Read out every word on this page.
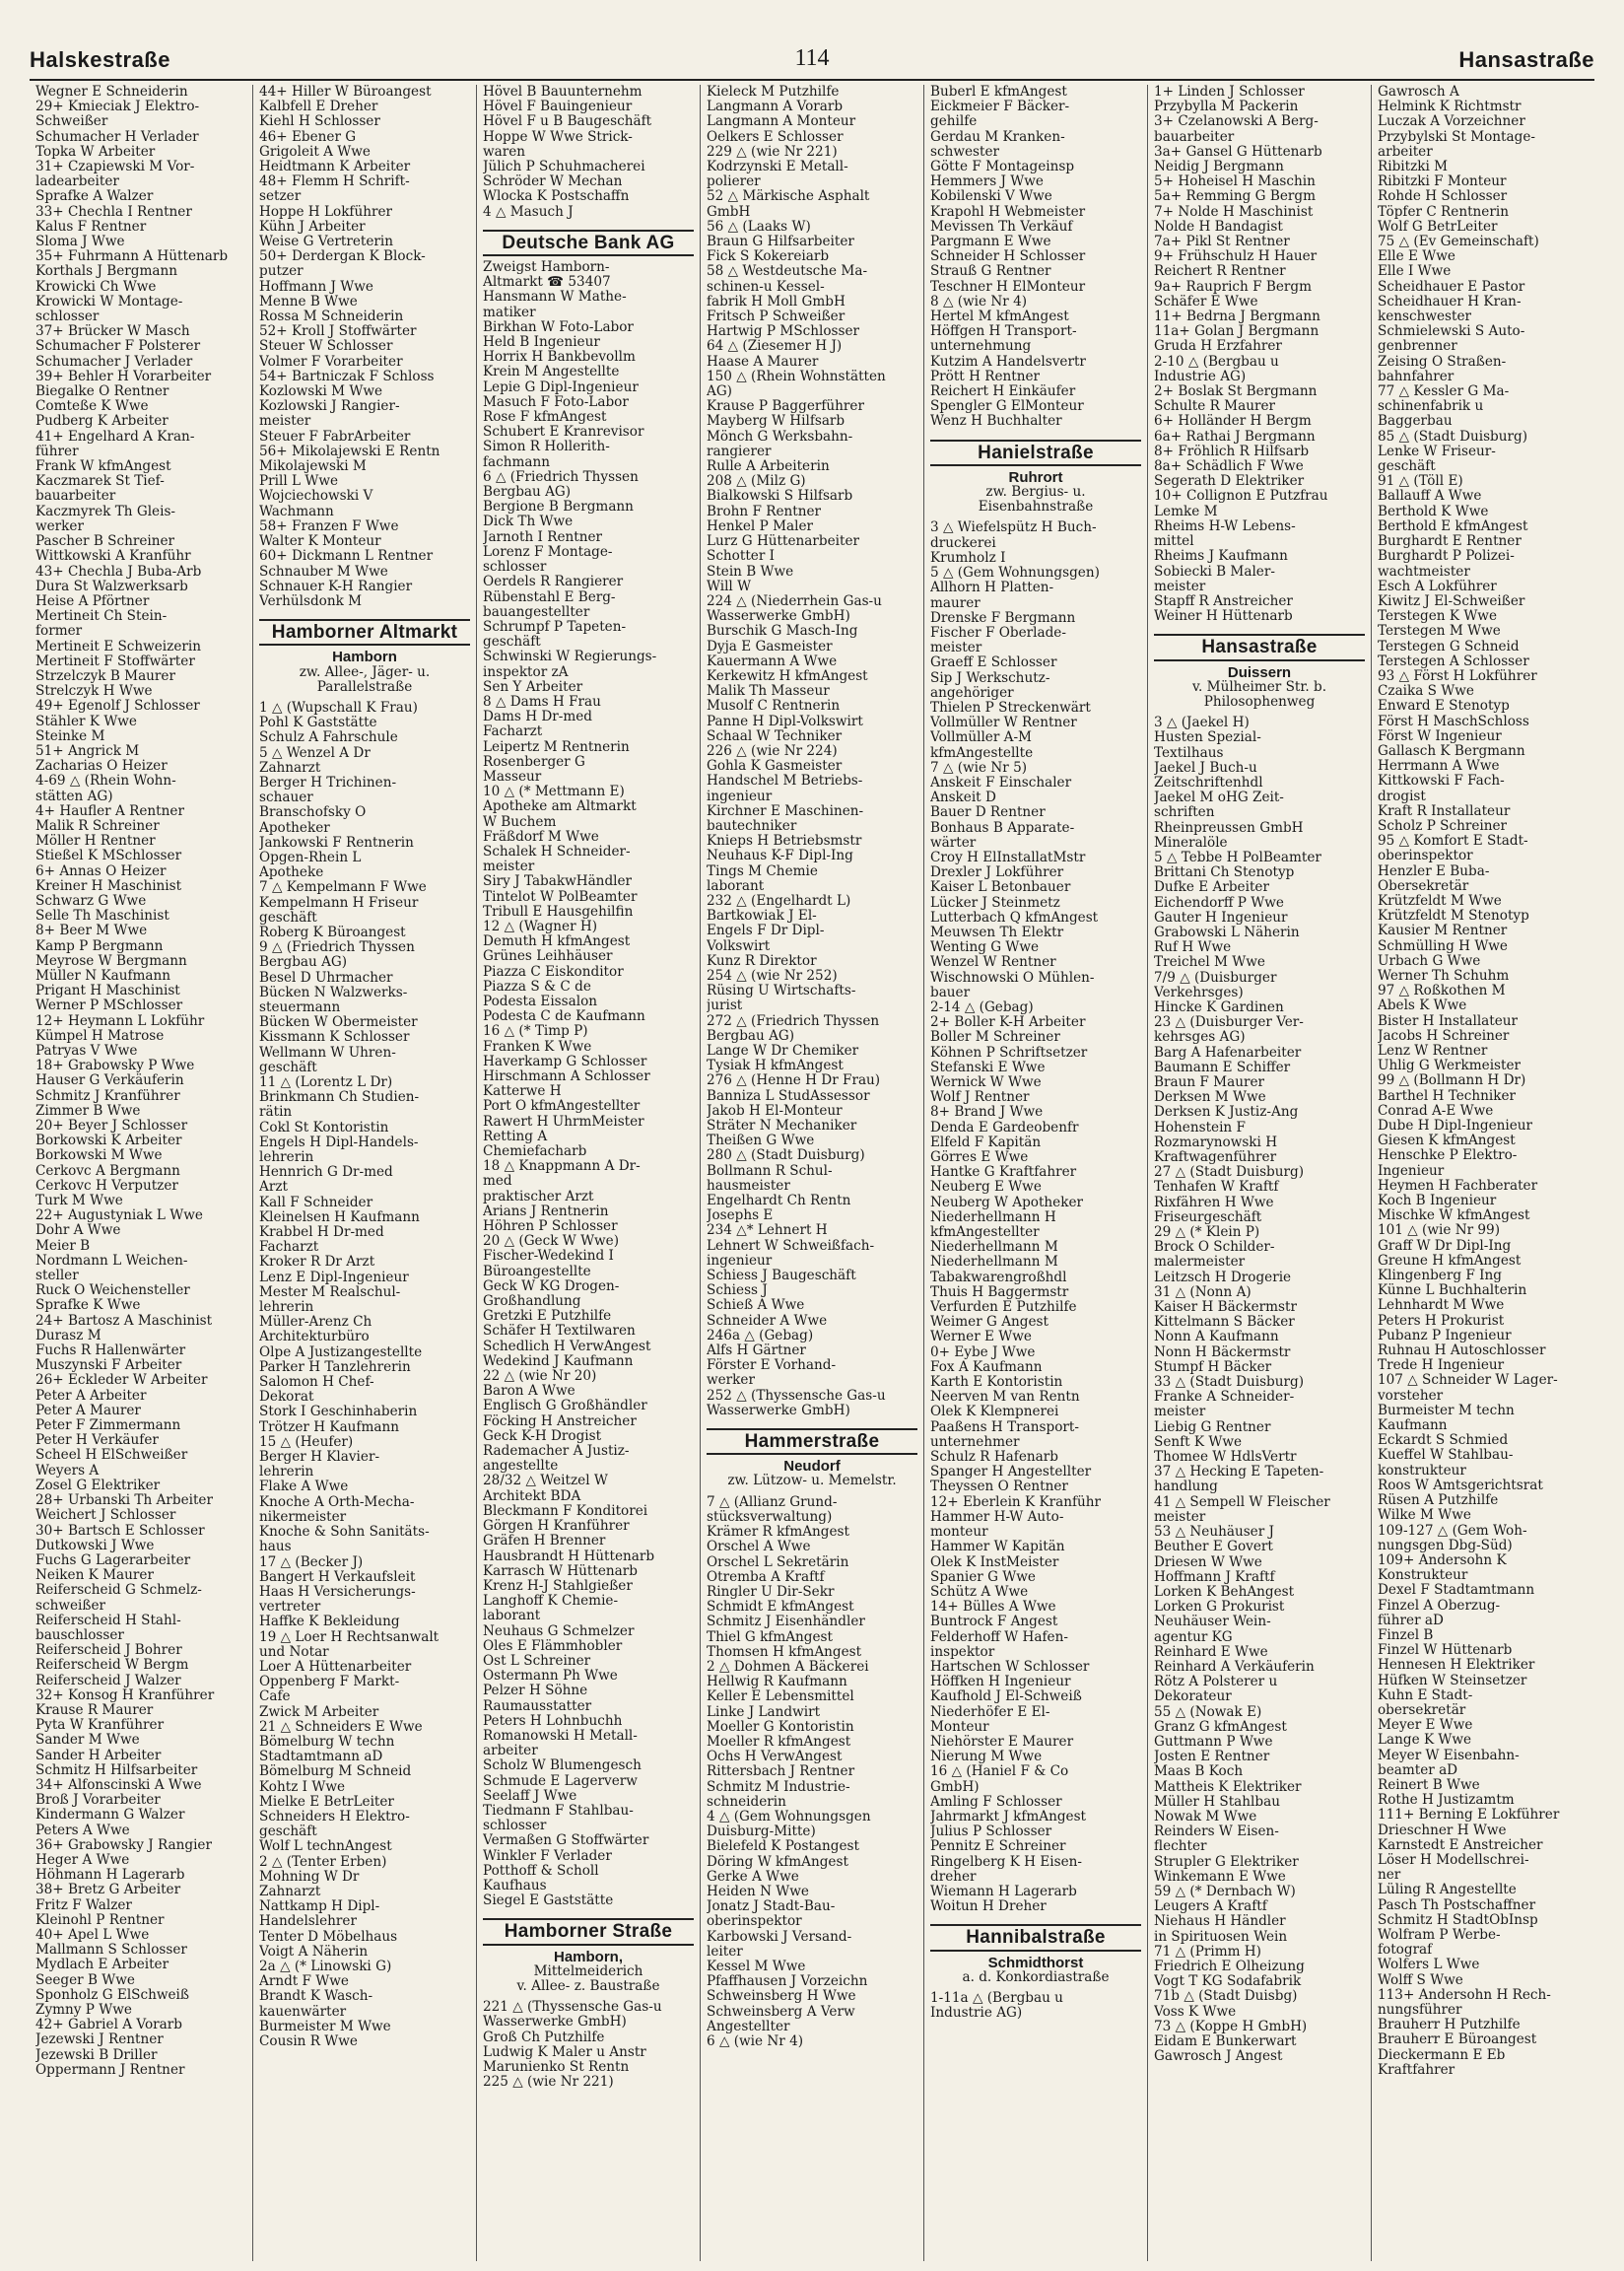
Halskestraße	114	Hansastraße
Wegner E Schneiderin
29+ Kmieciak J Elektro-
Schweißer
Schumacher H Verlader
Topka W Arbeiter
31+ Czapiewski M Vor-
ladearbeiter
Sprafke A Walzer
33+ Chechla I Rentner
Kalus F Rentner
Sloma J Wwe
35+ Fuhrmann A Hüttenarb
Korthals J Bergmann
Krowicki Ch Wwe
Krowicki W Montage-
schlosser
37+ Brücker W Masch
Schumacher F Polsterer
Schumacher J Verlader
39+ Behler H Vorarbeiter
Biegalke O Rentner
Comteße K Wwe
Pudberg K Arbeiter
41+ Engelhard A Kran-
führer
Frank W kfmAngest
Kaczmarek St Tief-
bauarbeiter
Kaczmyrek Th Gleis-
werker
Pascher B Schreiner
Wittkowski A Kranführ
43+ Chechla J Buba-Arb
Dura St Walzwerksarb
Heise A Pförtner
Mertineit Ch Stein-
former
Mertineit E Schweizerin
Mertineit F Stoffwärter
Strzelczyk B Maurer
Strelczyk H Wwe
49+ Egenolf J Schlosser
Stähler K Wwe
Steinke M
51+ Angrick M
Zacharias O Heizer
4-69 △ (Rhein Wohn-
stätten AG)
4+ Haufler A Rentner
Malik R Schreiner
Möller H Rentner
Stießel K MSchlosser
6+ Annas O Heizer
Kreiner H Maschinist
Schwarz G Wwe
Selle Th Maschinist
8+ Beer M Wwe
Kamp P Bergmann
Meyrose W Bergmann
Müller N Kaufmann
Prigant H Maschinist
Werner P MSchlosser
12+ Heymann L Lokführ
Kümpel H Matrose
Patryas V Wwe
18+ Grabowsky P Wwe
Hauser G Verkäuferin
Schmitz J Kranführer
Zimmer B Wwe
20+ Beyer J Schlosser
Borkowski K Arbeiter
Borkowski M Wwe
Cerkovc A Bergmann
Cerkovc H Verputzer
Turk M Wwe
22+ Augustyniak L Wwe
Dohr A Wwe
Meier B
Nordmann L Weichen-
steller
Ruck O Weichensteller
Sprafke K Wwe
24+ Bartosz A Maschinist
Durasz M
Fuchs R Hallenwärter
Muszynski F Arbeiter
26+ Eckleder W Arbeiter
Peter A Arbeiter
Peter A Maurer
Peter F Zimmermann
Peter H Verkäufer
Scheel H ElSchweißer
Weyers A
Zosel G Elektriker
28+ Urbanski Th Arbeiter
Weichert J Schlosser
30+ Bartsch E Schlosser
Dutkowski J Wwe
Fuchs G Lagerarbeiter
Neiken K Maurer
Reiferscheid G Schmelz-
schweißer
Reiferscheid H Stahl-
bauschlosser
Reiferscheid J Bohrer
Reiferscheid W Bergm
Reiferscheid J Walzer
32+ Konsog H Kranführer
Krause R Maurer
Pyta W Kranführer
Sander M Wwe
Sander H Arbeiter
Schmitz H Hilfsarbeiter
34+ Alfonscinski A Wwe
Broß J Vorarbeiter
Kindermann G Walzer
Peters A Wwe
36+ Grabowsky J Rangier
Heger A Wwe
Höhmann H Lagerarb
38+ Bretz G Arbeiter
Fritz F Walzer
Kleinohl P Rentner
40+ Apel L Wwe
Mallmann S Schlosser
Mydlach E Arbeiter
Seeger B Wwe
Sponholz G ElSchweiß
Zymny P Wwe
42+ Gabriel A Vorarb
Jezewski J Rentner
Jezewski B Driller
Oppermann J Rentner
44+ Hiller W Büroangest
Kalbfell E Dreher
Kiehl H Schlosser
46+ Ebener G
Grigoleit A Wwe
Heidtmann K Arbeiter
48+ Flemm H Schrift-
setzer
Hoppe H Lokführer
Kühn J Arbeiter
Weise G Vertreterin
50+ Derdergan K Block-
putzer
Hoffmann J Wwe
Menne B Wwe
Rossa M Schneiderin
52+ Kroll J Stoffwärter
Steuer W Schlosser
Volmer F Vorarbeiter
54+ Bartniczak F Schloss
Kozlowski M Wwe
Kozlowski J Rangier-
meister
Steuer F FabrArbeiter
56+ Mikolajewski E Rentn
Mikolajewski M
Prill L Wwe
Wojciechowski V
Wachmann
58+ Franzen F Wwe
Walter K Monteur
60+ Dickmann L Rentner
Schnauber M Wwe
Schnauer K-H Rangier
Verhülsdonk M
Hamborner Altmarkt
Hamborn
zw. Allee-, Jäger- u.
Parallelstraße
1 △ (Wupschall K Frau)
Pohl K Gaststätte
Schulz A Fahrschule
5 △ Wenzel A Dr
Zahnarzt
Berger H Trichinen-
schauer
Branschofsky O
Apotheker
Jankowski F Rentnerin
Opgen-Rhein L
Apotheke
7 △ Kempelmann F Wwe
Kempelmann H Friseur
geschäft
Roberg K Büroangest
9 △ (Friedrich Thyssen
Bergbau AG)
Besel D Uhrmacher
Bücken N Walzwerks-
steuermann
Bücken W Obermeister
Kissmann K Schlosser
Wellmann W Uhren-
geschäft
11 △ (Lorentz L Dr)
Brinkmann Ch Studien-
rätin
Cokl St Kontoristin
Engels H Dipl-Handels-
lehrerin
Hennrich G Dr-med
Arzt
Kall F Schneider
Kleinelsen H Kaufmann
Krabbel H Dr-med
Facharzt
Kroker R Dr Arzt
Lenz E Dipl-Ingenieur
Mester M Realschul-
lehrerin
Müller-Arenz Ch
Architekturbüro
Olpe A Justizangestellte
Parker H Tanzlehrerin
Salomon H Chef-
Dekorat
Stork I Geschinhaberin
Trötzer H Kaufmann
15 △ (Heufer)
Berger H Klavier-
lehrerin
Flake A Wwe
Knoche A Orth-Mecha-
nikermeister
Knoche & Sohn Sanitäts-
haus
17 △ (Becker J)
Bangert H Verkaufsleit
Haas H Versicherungs-
vertreter
Haffke K Bekleidung
19 △ Loer H Rechtsanwalt
und Notar
Loer A Hüttenarbeiter
Oppenberg F Markt-
Cafe
Zwick M Arbeiter
21 △ Schneiders E Wwe
Bömelburg W techn
Stadtamtmann aD
Bömelburg M Schneid
Kohtz I Wwe
Mielke E BetrLeiter
Schneiders H Elektro-
geschäft
Wolf L technAngest
2 △ (Tenter Erben)
Mohning W Dr
Zahnarzt
Nattkamp H Dipl-
Handelslehrer
Tenter D Möbelhaus
Voigt A Näherin
2a △ (* Linowski G)
Arndt F Wwe
Brandt K Wasch-
kauenwärter
Burmeister M Wwe
Cousin R Wwe
Hövel B Bauunternehm
Hövel F Bauingenieur
Hövel F u B Baugeschäft
Hoppe W Wwe Strick-
waren
Jülich P Schuhmacherei
Schröder W Mechan
Wlocka K Postschaffn
4 △ Masuch J
Deutsche Bank AG
Zweigst Hamborn-
Altmarkt ☎ 53407
Hansmann W Mathe-
matiker
Birkhan W Foto-Labor
Held B Ingenieur
Horrix H Bankbevollm
Krein M Angestellte
Lepie G Dipl-Ingenieur
Masuch F Foto-Labor
Rose F kfmAngest
Schubert E Kranrevisor
Simon R Hollerith-
fachmann
6 △ (Friedrich Thyssen
Bergbau AG)
Bergione B Bergmann
Dick Th Wwe
Jarnoth I Rentner
Lorenz F Montage-
schlosser
Oerdels R Rangierer
Rübenstahl E Berg-
bauangestellter
Schrumpf P Tapeten-
geschäft
Schwinski W Regierungs-
inspektor zA
Sen Y Arbeiter
8 △ Dams H Frau
Dams H Dr-med
Facharzt
Leipertz M Rentnerin
Rosenberger G
Masseur
10 △ (* Mettmann E)
Apotheke am Altmarkt
W Buchem
Fräßdorf M Wwe
Schalek H Schneider-
meister
Siry J TabakwHändler
Tintelot W PolBeamter
Tribull E Hausgehilfin
12 △ (Wagner H)
Demuth H kfmAngest
Grünes Leihhäuser
Piazza C Eiskonditor
Piazza S & C de
Podesta Eissalon
Podesta C de Kaufmann
16 △ (* Timp P)
Franken K Wwe
Haverkamp G Schlosser
Hirschmann A Schlosser
Katterwe H
Port O kfmAngestellter
Rawert H UhrmMeister
Retting A
Chemiefacharb
18 △ Knappmann A Dr-
med
praktischer Arzt
Arians J Rentnerin
Höhren P Schlosser
20 △ (Geck W Wwe)
Fischer-Wedekind I
Büroangestellte
Geck W KG Drogen-
Großhandlung
Gretzki E Putzhilfe
Schäfer H Textilwaren
Schedlich H VerwAngest
Wedekind J Kaufmann
22 △ (wie Nr 20)
Baron A Wwe
Englisch G Großhändler
Föcking H Anstreicher
Geck K-H Drogist
Rademacher A Justiz-
angestellte
28/32 △ Weitzel W
Architekt BDA
Bleckmann F Konditorei
Görgen H Kranführer
Gräfen H Brenner
Hausbrandt H Hüttenarb
Karrasch W Hüttenarb
Krenz H-J Stahlgießer
Langhoff K Chemie-
laborant
Neuhaus G Schmelzer
Oles E Flämmhobler
Ost L Schreiner
Ostermann Ph Wwe
Pelzer H Söhne
Raumausstatter
Peters H Lohnbuchh
Romanowski H Metall-
arbeiter
Scholz W Blumengesch
Schmude E Lagerverw
Seelaff J Wwe
Tiedmann F Stahlbau-
schlosser
Vermaßen G Stoffwärter
Winkler F Verlader
Potthoff & Scholl
Kaufhaus
Siegel E Gaststätte
Hamborner Straße
Hamborn,
Mittelmeiderich
v. Allee- z. Baustraße
221 △ (Thyssensche Gas-u
Wasserwerke GmbH)
Groß Ch Putzhilfe
Ludwig K Maler u Anstr
Marunienko St Rentn
225 △ (wie Nr 221)
Kieleck M Putzhilfe
Langmann A Vorarb
Langmann A Monteur
Oelkers E Schlosser
229 △ (wie Nr 221)
Kodrzynski E Metall-
polierer
52 △ Märkische Asphalt
GmbH
56 △ (Laaks W)
Braun G Hilfsarbeiter
Fick S Kokereiarb
58 △ Westdeutsche Ma-
schinen-u Kessel-
fabrik H Moll GmbH
Fritsch P Schweißer
Hartwig P MSchlosser
64 △ (Ziesemer H J)
Haase A Maurer
150 △ (Rhein Wohnstätten
AG)
Krause P Baggerführer
Mayberg W Hilfsarb
Mönch G Werksbahn-
rangierer
Rulle A Arbeiterin
208 △ (Milz G)
Bialkowski S Hilfsarb
Brohn F Rentner
Henkel P Maler
Lurz G Hüttenarbeiter
Schotter I
Stein B Wwe
Will W
224 △ (Niederrhein Gas-u
Wasserwerke GmbH)
Burschik G Masch-Ing
Dyja E Gasmeister
Kauermann A Wwe
Kerkewitz H kfmAngest
Malik Th Masseur
Musolf C Rentnerin
Panne H Dipl-Volkswirt
Schaal W Techniker
226 △ (wie Nr 224)
Gohla K Gasmeister
Handschel M Betriebs-
ingenieur
Kirchner E Maschinen-
bautechniker
Knieps H Betriebsmstr
Neuhaus K-F Dipl-Ing
Tings M Chemie
laborant
232 △ (Engelhardt L)
Bartkowiak J El-
Engels F Dr Dipl-
Volkswirt
Kunz R Direktor
254 △ (wie Nr 252)
Rüsing U Wirtschafts-
jurist
272 △ (Friedrich Thyssen
Bergbau AG)
Lange W Dr Chemiker
Tysiak H kfmAngest
276 △ (Henne H Dr Frau)
Banniza L StudAssessor
Jakob H El-Monteur
Sträter N Mechaniker
Theißen G Wwe
280 △ (Stadt Duisburg)
Bollmann R Schul-
hausmeister
Engelhardt Ch Rentn
Josephs E
234 △* Lehnert H
Lehnert W Schweißfach-
ingenieur
Schiess J Baugeschäft
Schiess J
Schieß A Wwe
Schneider A Wwe
246a △ (Gebag)
Alfs H Gärtner
Förster E Vorhand-
werker
252 △ (Thyssensche Gas-u
Wasserwerke GmbH)
Hammerstraße
Neudorf
zw. Lützow- u. Memelstr.
7 △ (Allianz Grund-
stücksverwaltung)
Krämer R kfmAngest
Orschel A Wwe
Orschel L Sekretärin
Otremba A Kraftf
Ringler U Dir-Sekr
Schmidt E kfmAngest
Schmitz J Eisenhändler
Thiel G kfmAngest
Thomsen H kfmAngest
2 △ Dohmen A Bäckerei
Hellwig R Kaufmann
Keller E Lebensmittel
Linke J Landwirt
Moeller G Kontoristin
Moeller R kfmAngest
Ochs H VerwAngest
Rittersbach J Rentner
Schmitz M Industrie-
schneiderin
4 △ (Gem Wohnungsgen
Duisburg-Mitte)
Bielefeld K Postangest
Döring W kfmAngest
Gerke A Wwe
Heiden N Wwe
Jonatz J Stadt-Bau-
oberinspektor
Karbowski J Versand-
leiter
Kessel M Wwe
Pfaffhausen J Vorzeichn
Schweinsberg H Wwe
Schweinsberg A Verw
Angestellter
6 △ (wie Nr 4)
Buberl E kfmAngest
Eickmeier F Bäcker-
gehilfe
Gerdau M Kranken-
schwester
Götte F Montageinsp
Hemmers J Wwe
Kobilenski V Wwe
Krapohl H Webmeister
Mevissen Th Verkäuf
Pargmann E Wwe
Schneider H Schlosser
Strauß G Rentner
Teschner H ElMonteur
8 △ (wie Nr 4)
Hertel M kfmAngest
Höffgen H Transport-
unternehmung
Kutzim A Handelsvertr
Prött H Rentner
Reichert H Einkäufer
Spengler G ElMonteur
Wenz H Buchhalter
Hanielstraße
Ruhrort
zw. Bergius- u.
Eisenbahnstraße
3 △ Wiefelspütz H Buch-
druckerei
Krumholz I
5 △ (Gem Wohnungsgen)
Allhorn H Platten-
maurer
Drenske F Bergmann
Fischer F Oberlade-
meister
Graeff E Schlosser
Sip J Werkschutz-
angehöriger
Thielen P Streckenwärt
Vollmüller W Rentner
Vollmüller A-M
kfmAngestellte
7 △ (wie Nr 5)
Anskeit F Einschaler
Anskeit D
Bauer D Rentner
Bonhaus B Apparate-
wärter
Croy H ElInstallatMstr
Drexler J Lokführer
Kaiser L Betonbauer
Lücker J Steinmetz
Lutterbach Q kfmAngest
Meuwsen Th Elektr
Wenting G Wwe
Wenzel W Rentner
Wischnowski O Mühlen-
bauer
2-14 △ (Gebag)
2+ Boller K-H Arbeiter
Boller M Schreiner
Köhnen P Schriftsetzer
Stefanski E Wwe
Wernick W Wwe
Wolf J Rentner
8+ Brand J Wwe
Denda E Gardeobenfr
Elfeld F Kapitän
Görres E Wwe
Hantke G Kraftfahrer
Neuberg E Wwe
Neuberg W Apotheker
Niederhellmann H
kfmAngestellter
Niederhellmann M
Niederhellmann M
Tabakwarengroßhdl
Thuis H Baggermstr
Verfurden E Putzhilfe
Weimer G Angest
Werner E Wwe
0+ Eybe J Wwe
Fox A Kaufmann
Karth E Kontoristin
Neerven M van Rentn
Olek K Klempnerei
Paaßens H Transport-
unternehmer
Schulz R Hafenarb
Spanger H Angestellter
Theyssen O Rentner
12+ Eberlein K Kranführ
Hammer H-W Auto-
monteur
Hammer W Kapitän
Olek K InstMeister
Spanier G Wwe
Schütz A Wwe
14+ Bülles A Wwe
Buntrock F Angest
Felderhoff W Hafen-
inspektor
Hartschen W Schlosser
Höffken H Ingenieur
Kaufhold J El-Schweiß
Niederhöfer E El-
Monteur
Niehörster E Maurer
Nierung M Wwe
16 △ (Haniel F & Co
GmbH)
Amling F Schlosser
Jahrmarkt J kfmAngest
Julius P Schlosser
Pennitz E Schreiner
Ringelberg K H Eisen-
dreher
Wiemann H Lagerarb
Woitun H Dreher
Hannibalstraße
Schmidthorst
a. d. Konkordiastraße
1-11a △ (Bergbau u
Industrie AG)
1+ Linden J Schlosser
Przybylla M Packerin
3+ Czelanowski A Berg-
bauarbeiter
3a+ Gansel G Hüttenarb
Neidig J Bergmann
5+ Hoheisel H Maschin
5a+ Remming G Bergm
7+ Nolde H Maschinist
Nolde H Bandagist
7a+ Pikl St Rentner
9+ Frühschulz H Hauer
Reichert R Rentner
9a+ Rauprich F Bergm
Schäfer E Wwe
11+ Bedrna J Bergmann
11a+ Golan J Bergmann
Gruda H Erzfahrer
2-10 △ (Bergbau u
Industrie AG)
2+ Boslak St Bergmann
Schulte R Maurer
6+ Holländer H Bergm
6a+ Rathai J Bergmann
8+ Fröhlich R Hilfsarb
8a+ Schädlich F Wwe
Segerath D Elektriker
10+ Collignon E Putzfrau
Lemke M
Rheims H-W Lebens-
mittel
Rheims J Kaufmann
Sobiecki B Maler-
meister
Stapff R Anstreicher
Weiner H Hüttenarb
Hansastraße
Duissern
v. Mülheimer Str. b.
Philosophenweg
3 △ (Jaekel H)
Husten Spezial-
Textilhaus
Jaekel J Buch-u
Zeitschriftenhdl
Jaekel M oHG Zeit-
schriften
Rheinpreussen GmbH
Mineralöle
5 △ Tebbe H PolBeamter
Brittani Ch Stenotyp
Dufke E Arbeiter
Eichendorff P Wwe
Gauter H Ingenieur
Grabowski L Näherin
Ruf H Wwe
Treichel M Wwe
7/9 △ (Duisburger
Verkehrsges)
Hincke K Gardinen
23 △ (Duisburger Ver-
kehrsges AG)
Barg A Hafenarbeiter
Baumann E Schiffer
Braun F Maurer
Derksen M Wwe
Derksen K Justiz-Ang
Hohenstein F
Rozmarynowski H
Kraftwagenführer
27 △ (Stadt Duisburg)
Tenhafen W Kraftf
Rixfähren H Wwe
Friseurgeschäft
29 △ (* Klein P)
Brock O Schilder-
malermeister
Leitzsch H Drogerie
31 △ (Nonn A)
Kaiser H Bäckermstr
Kittelmann S Bäcker
Nonn A Kaufmann
Nonn H Bäckermstr
Stumpf H Bäcker
33 △ (Stadt Duisburg)
Franke A Schneider-
meister
Liebig G Rentner
Senft K Wwe
Thomee W HdlsVertr
37 △ Hecking E Tapeten-
handlung
41 △ Sempell W Fleischer
meister
53 △ Neuhäuser J
Beuther E Govert
Driesen W Wwe
Hoffmann J Kraftf
Lorken K BehAngest
Lorken G Prokurist
Neuhäuser Wein-
agentur KG
Reinhard E Wwe
Reinhard A Verkäuferin
Rötz A Polsterer u
Dekorateur
55 △ (Nowak E)
Granz G kfmAngest
Guttmann P Wwe
Josten E Rentner
Maas B Koch
Mattheis K Elektriker
Müller H Stahlbau
Nowak M Wwe
Reinders W Eisen-
flechter
Strupler G Elektriker
Winkemann E Wwe
59 △ (* Dernbach W)
Leugers A Kraftf
Niehaus H Händler
in Spirituosen Wein
71 △ (Primm H)
Friedrich E Olheizung
Vogt T KG Sodafabrik
71b △ (Stadt Duisbg)
Voss K Wwe
73 △ (Koppe H GmbH)
Eidam E Bunkerwart
Gawrosch J Angest
Gawrosch A
Helmink K Richtmstr
Luczak A Vorzeichner
Przybylski St Montage-
arbeiter
Ribitzki M
Ribitzki F Monteur
Rohde H Schlosser
Töpfer C Rentnerin
Wolf G BetrLeiter
75 △ (Ev Gemeinschaft)
Elle E Wwe
Elle I Wwe
Scheidhauer E Pastor
Scheidhauer H Kran-
kenschwester
Schmielewski S Auto-
genbrenner
Zeising O Straßen-
bahnfahrer
77 △ Kessler G Ma-
schinenfabrik u
Baggerbau
85 △ (Stadt Duisburg)
Lenke W Friseur-
geschäft
91 △ (Töll E)
Ballauff A Wwe
Berthold K Wwe
Berthold E kfmAngest
Burghardt E Rentner
Burghardt P Polizei-
wachtmeister
Esch A Lokführer
Kiwitz J El-Schweißer
Terstegen K Wwe
Terstegen M Wwe
Terstegen G Schneid
Terstegen A Schlosser
93 △ Först H Lokführer
Czaika S Wwe
Enward E Stenotyp
Först H MaschSchloss
Först W Ingenieur
Gallasch K Bergmann
Herrmann A Wwe
Kittkowski F Fach-
drogist
Kraft R Installateur
Scholz P Schreiner
95 △ Komfort E Stadt-
oberinspektor
Henzler E Buba-
Obersekretär
Krützfeldt M Wwe
Krützfeldt M Stenotyp
Kausier M Rentner
Schmülling H Wwe
Urbach G Wwe
Werner Th Schuhm
97 △ Roßkothen M
Abels K Wwe
Bister H Installateur
Jacobs H Schreiner
Lenz W Rentner
Uhlig G Werkmeister
99 △ (Bollmann H Dr)
Barthel H Techniker
Conrad A-E Wwe
Dube H Dipl-Ingenieur
Giesen K kfmAngest
Henschke P Elektro-
Ingenieur
Heymen H Fachberater
Koch B Ingenieur
Mischke W kfmAngest
101 △ (wie Nr 99)
Graff W Dr Dipl-Ing
Greune H kfmAngest
Klingenberg F Ing
Künne L Buchhalterin
Lehnhardt M Wwe
Peters H Prokurist
Pubanz P Ingenieur
Ruhnau H Autoschlosser
Trede H Ingenieur
107 △ Schneider W Lager-
vorsteher
Burmeister M techn
Kaufmann
Eckardt S Schmied
Kueffel W Stahlbau-
konstrukteur
Roos W Amtsgerichtsrat
Rüsen A Putzhilfe
Wilke M Wwe
109-127 △ (Gem Woh-
nungsgen Dbg-Süd)
109+ Andersohn K
Konstrukteur
Dexel F Stadtamtmann
Finzel A Oberzug-
führer aD
Finzel B
Finzel W Hüttenarb
Hennesen H Elektriker
Hüfken W Steinsetzer
Kuhn E Stadt-
obersekretär
Meyer E Wwe
Lange K Wwe
Meyer W Eisenbahn-
beamter aD
Reinert B Wwe
Rothe H Justizamtm
111+ Berning E Lokführer
Drieschner H Wwe
Karnstedt E Anstreicher
Löser H Modellschrei-
ner
Lüling R Angestellte
Pasch Th Postschaffner
Schmitz H StadtObInsp
Wolfram P Werbe-
fotograf
Wolfers L Wwe
Wolff S Wwe
113+ Andersohn H Rech-
nungsführer
Brauherr H Putzhilfe
Brauherr E Büroangest
Dieckermann E Eb
Kraftfahrer
